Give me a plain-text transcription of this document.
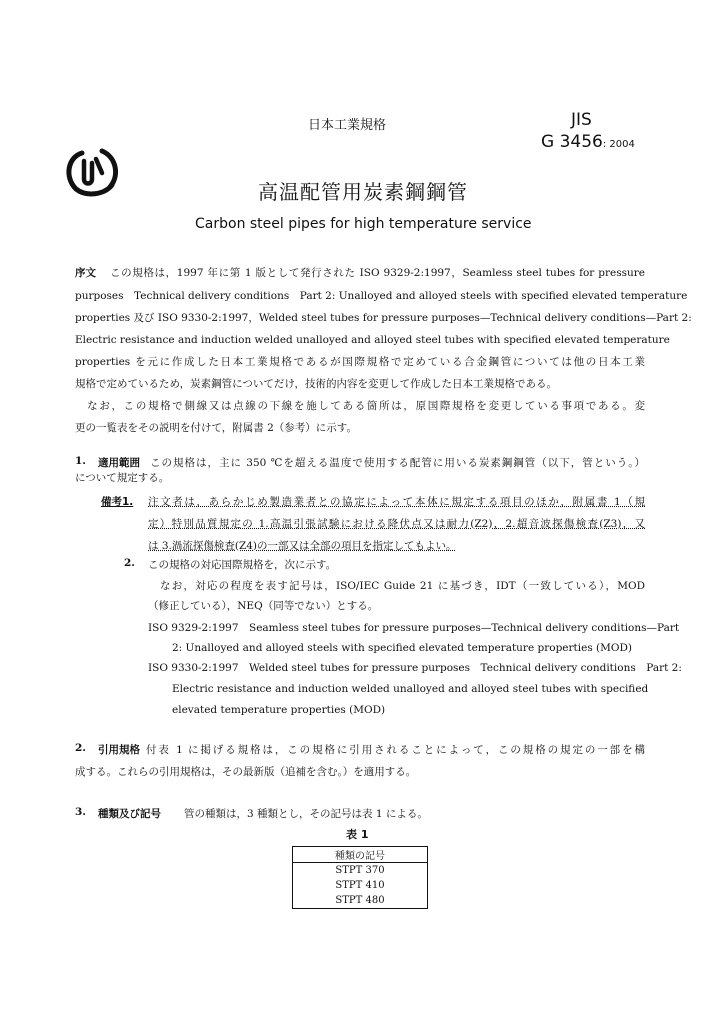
日本工業規格	JIS
G 3456: 2004
高温配管用炭素鋼鋼管
Carbon steel pipes for high temperature service
序文 この規格は，1997 年に第 1 版として発行された ISO 9329-2:1997，Seamless steel tubes for pressure
purposes　Technical delivery conditions　Part 2: Unalloyed and alloyed steels with specified elevated temperature
properties 及び ISO 9330-2:1997，Welded steel tubes for pressure purposes—Technical delivery conditions—Part 2:
Electric resistance and induction welded unalloyed and alloyed steel tubes with specified elevated temperature
properties を元に作成した日本工業規格であるが国際規格で定めている合金鋼管については他の日本工業
規格で定めているため，炭素鋼管についてだけ，技術的内容を変更して作成した日本工業規格である。
　なお，この規格で側線又は点線の下線を施してある箇所は，原国際規格を変更している事項である。変
更の一覧表をその説明を付けて，附属書 2（参考）に示す。
1. 適用範囲 この規格は，主に 350 ℃を超える温度で使用する配管に用いる炭素鋼鋼管（以下，管という。）
について規定する。
備考1. 注文者は，あらかじめ製造業者との協定によって本体に規定する項目のほか，附属書 1（規
定）特別品質規定の 1.高温引張試験における降伏点又は耐力(Z2)，2.超音波探傷検査(Z3)，又
は 3.渦流探傷検査(Z4)の一部又は全部の項目を指定してもよい。
2. この規格の対応国際規格を，次に示す。
なお，対応の程度を表す記号は，ISO/IEC Guide 21 に基づき，IDT（一致している），MOD
（修正している），NEQ（同等でない）とする。
ISO 9329-2:1997　Seamless steel tubes for pressure purposes—Technical delivery conditions—Part
2: Unalloyed and alloyed steels with specified elevated temperature properties (MOD)
ISO 9330-2:1997　Welded steel tubes for pressure purposes　Technical delivery conditions　Part 2:
Electric resistance and induction welded unalloyed and alloyed steel tubes with specified
elevated temperature properties (MOD)
2. 引用規格 付表 1 に掲げる規格は，この規格に引用されることによって，この規格の規定の一部を構
成する。これらの引用規格は，その最新版（追補を含む。）を適用する。
3. 種類及び記号 管の種類は，3 種類とし，その記号は表 1 による。
表 1
種類の記号
STPT 370
STPT 410
STPT 480
